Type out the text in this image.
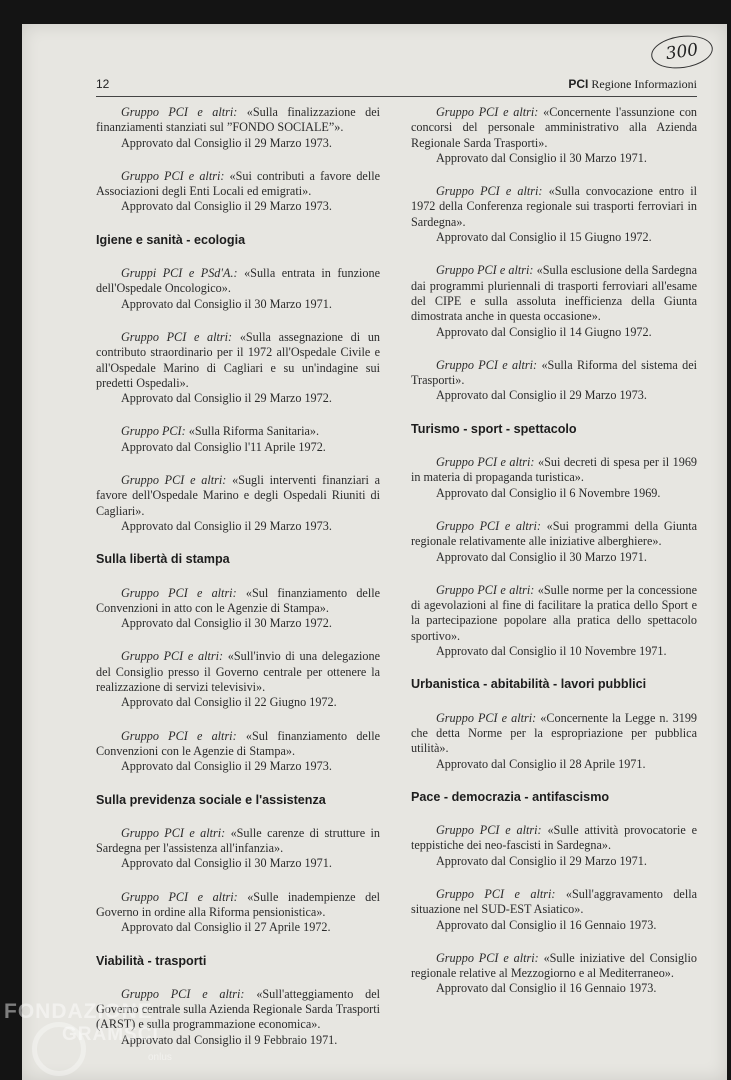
300
12	PCI Regione Informazioni

Gruppo PCI e altri: «Sulla finalizzazione dei finanziamenti stanziati sul ”FONDO SOCIALE”».

Approvato dal Consiglio il 29 Marzo 1973.

Gruppo PCI e altri: «Sui contributi a favore delle Associazioni degli Enti Locali ed emigrati».

Approvato dal Consiglio il 29 Marzo 1973.

Igiene e sanità - ecologia

Gruppi PCI e PSd'A.: «Sulla entrata in funzione dell'Ospedale Oncologico».

Approvato dal Consiglio il 30 Marzo 1971.

Gruppo PCI e altri: «Sulla assegnazione di un contributo straordinario per il 1972 all'Ospedale Civile e all'Ospedale Marino di Cagliari e su un'indagine sui predetti Ospedali».

Approvato dal Consiglio il 29 Marzo 1972.

Gruppo PCI: «Sulla Riforma Sanitaria».

Approvato dal Consiglio l'11 Aprile 1972.

Gruppo PCI e altri: «Sugli interventi finanziari a favore dell'Ospedale Marino e degli Ospedali Riuniti di Cagliari».

Approvato dal Consiglio il 29 Marzo 1973.

Sulla libertà di stampa

Gruppo PCI e altri: «Sul finanziamento delle Convenzioni in atto con le Agenzie di Stampa».

Approvato dal Consiglio il 30 Marzo 1972.

Gruppo PCI e altri: «Sull'invio di una delegazione del Consiglio presso il Governo centrale per ottenere la realizzazione di servizi televisivi».

Approvato dal Consiglio il 22 Giugno 1972.

Gruppo PCI e altri: «Sul finanziamento delle Convenzioni con le Agenzie di Stampa».

Approvato dal Consiglio il 29 Marzo 1973.

Sulla previdenza sociale e l'assistenza

Gruppo PCI e altri: «Sulle carenze di strutture in Sardegna per l'assistenza all'infanzia».

Approvato dal Consiglio il 30 Marzo 1971.

Gruppo PCI e altri: «Sulle inadempienze del Governo in ordine alla Riforma pensionistica».

Approvato dal Consiglio il 27 Aprile 1972.

Viabilità - trasporti

Gruppo PCI e altri: «Sull'atteggiamento del Governo centrale sulla Azienda Regionale Sarda Trasporti (ARST) e sulla programmazione economica».

Approvato dal Consiglio il 9 Febbraio 1971.

Gruppo PCI e altri: «Concernente l'assunzione con concorsi del personale amministrativo alla Azienda Regionale Sarda Trasporti».

Approvato dal Consiglio il 30 Marzo 1971.

Gruppo PCI e altri: «Sulla convocazione entro il 1972 della Conferenza regionale sui trasporti ferroviari in Sardegna».

Approvato dal Consiglio il 15 Giugno 1972.

Gruppo PCI e altri: «Sulla esclusione della Sardegna dai programmi pluriennali di trasporti ferroviari all'esame del CIPE e sulla assoluta inefficienza della Giunta dimostrata anche in questa occasione».

Approvato dal Consiglio il 14 Giugno 1972.

Gruppo PCI e altri: «Sulla Riforma del sistema dei Trasporti».

Approvato dal Consiglio il 29 Marzo 1973.

Turismo - sport - spettacolo

Gruppo PCI e altri: «Sui decreti di spesa per il 1969 in materia di propaganda turistica».

Approvato dal Consiglio il 6 Novembre 1969.

Gruppo PCI e altri: «Sui programmi della Giunta regionale relativamente alle iniziative alberghiere».

Approvato dal Consiglio il 30 Marzo 1971.

Gruppo PCI e altri: «Sulle norme per la concessione di agevolazioni al fine di facilitare la pratica dello Sport e la partecipazione popolare alla pratica dello spettacolo sportivo».

Approvato dal Consiglio il 10 Novembre 1971.

Urbanistica - abitabilità - lavori pubblici

Gruppo PCI e altri: «Concernente la Legge n. 3199 che detta Norme per la espropriazione per pubblica utilità».

Approvato dal Consiglio il 28 Aprile 1971.

Pace - democrazia - antifascismo

Gruppo PCI e altri: «Sulle attività provocatorie e teppistiche dei neo-fascisti in Sardegna».

Approvato dal Consiglio il 29 Marzo 1971.

Gruppo PCI e altri: «Sull'aggravamento della situazione nel SUD-EST Asiatico».

Approvato dal Consiglio il 16 Gennaio 1973.

Gruppo PCI e altri: «Sulle iniziative del Consiglio regionale relative al Mezzogiorno e al Mediterraneo».

Approvato dal Consiglio il 16 Gennaio 1973.

FONDAZIONE
GRAMSCI
onlus
